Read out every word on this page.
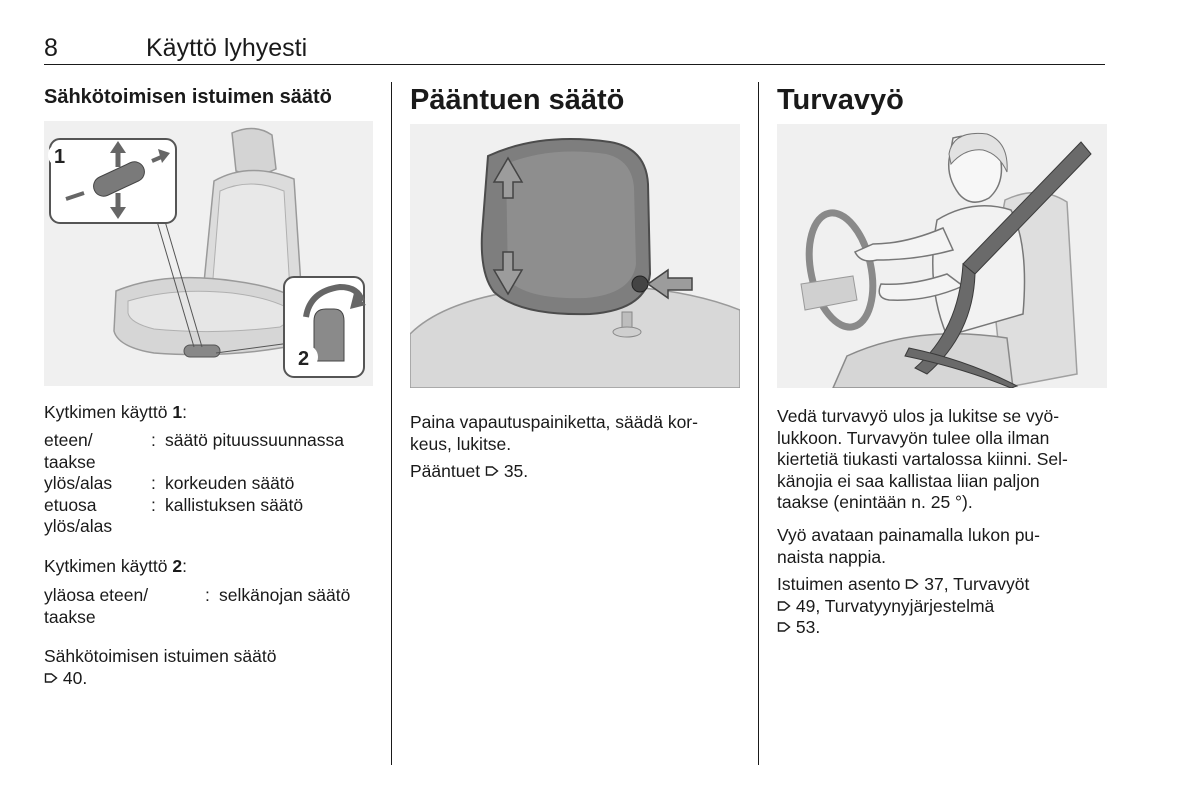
8	Käyttö lyhyesti
Sähkötoimisen istuimen säätö
1
2
Kytkimen käyttö 1:
eteen/	:	säätö pituussuunnassa
taakse		
ylös/alas	:	korkeuden säätö
etuosa	:	kallistuksen säätö
ylös/alas		
Kytkimen käyttö 2:
yläosa eteen/	:	selkänojan säätö
taakse		

Sähkötoimisen istuimen säätö

40.

Pääntuen säätö

Paina vapautuspainiketta, säädä kor-

keus, lukitse.

Pääntuet 35.
Turvavyö

Vedä turvavyö ulos ja lukitse se vyö-

lukkoon. Turvavyön tulee olla ilman

kiertetiä tiukasti vartalossa kiinni. Sel-

känojia ei saa kallistaa liian paljon

taakse (enintään n. 25 °).

Vyö avataan painamalla lukon pu-

naista nappia.

Istuimen asento 37, Turvavyöt

49, Turvatyynyjärjestelmä

53.
